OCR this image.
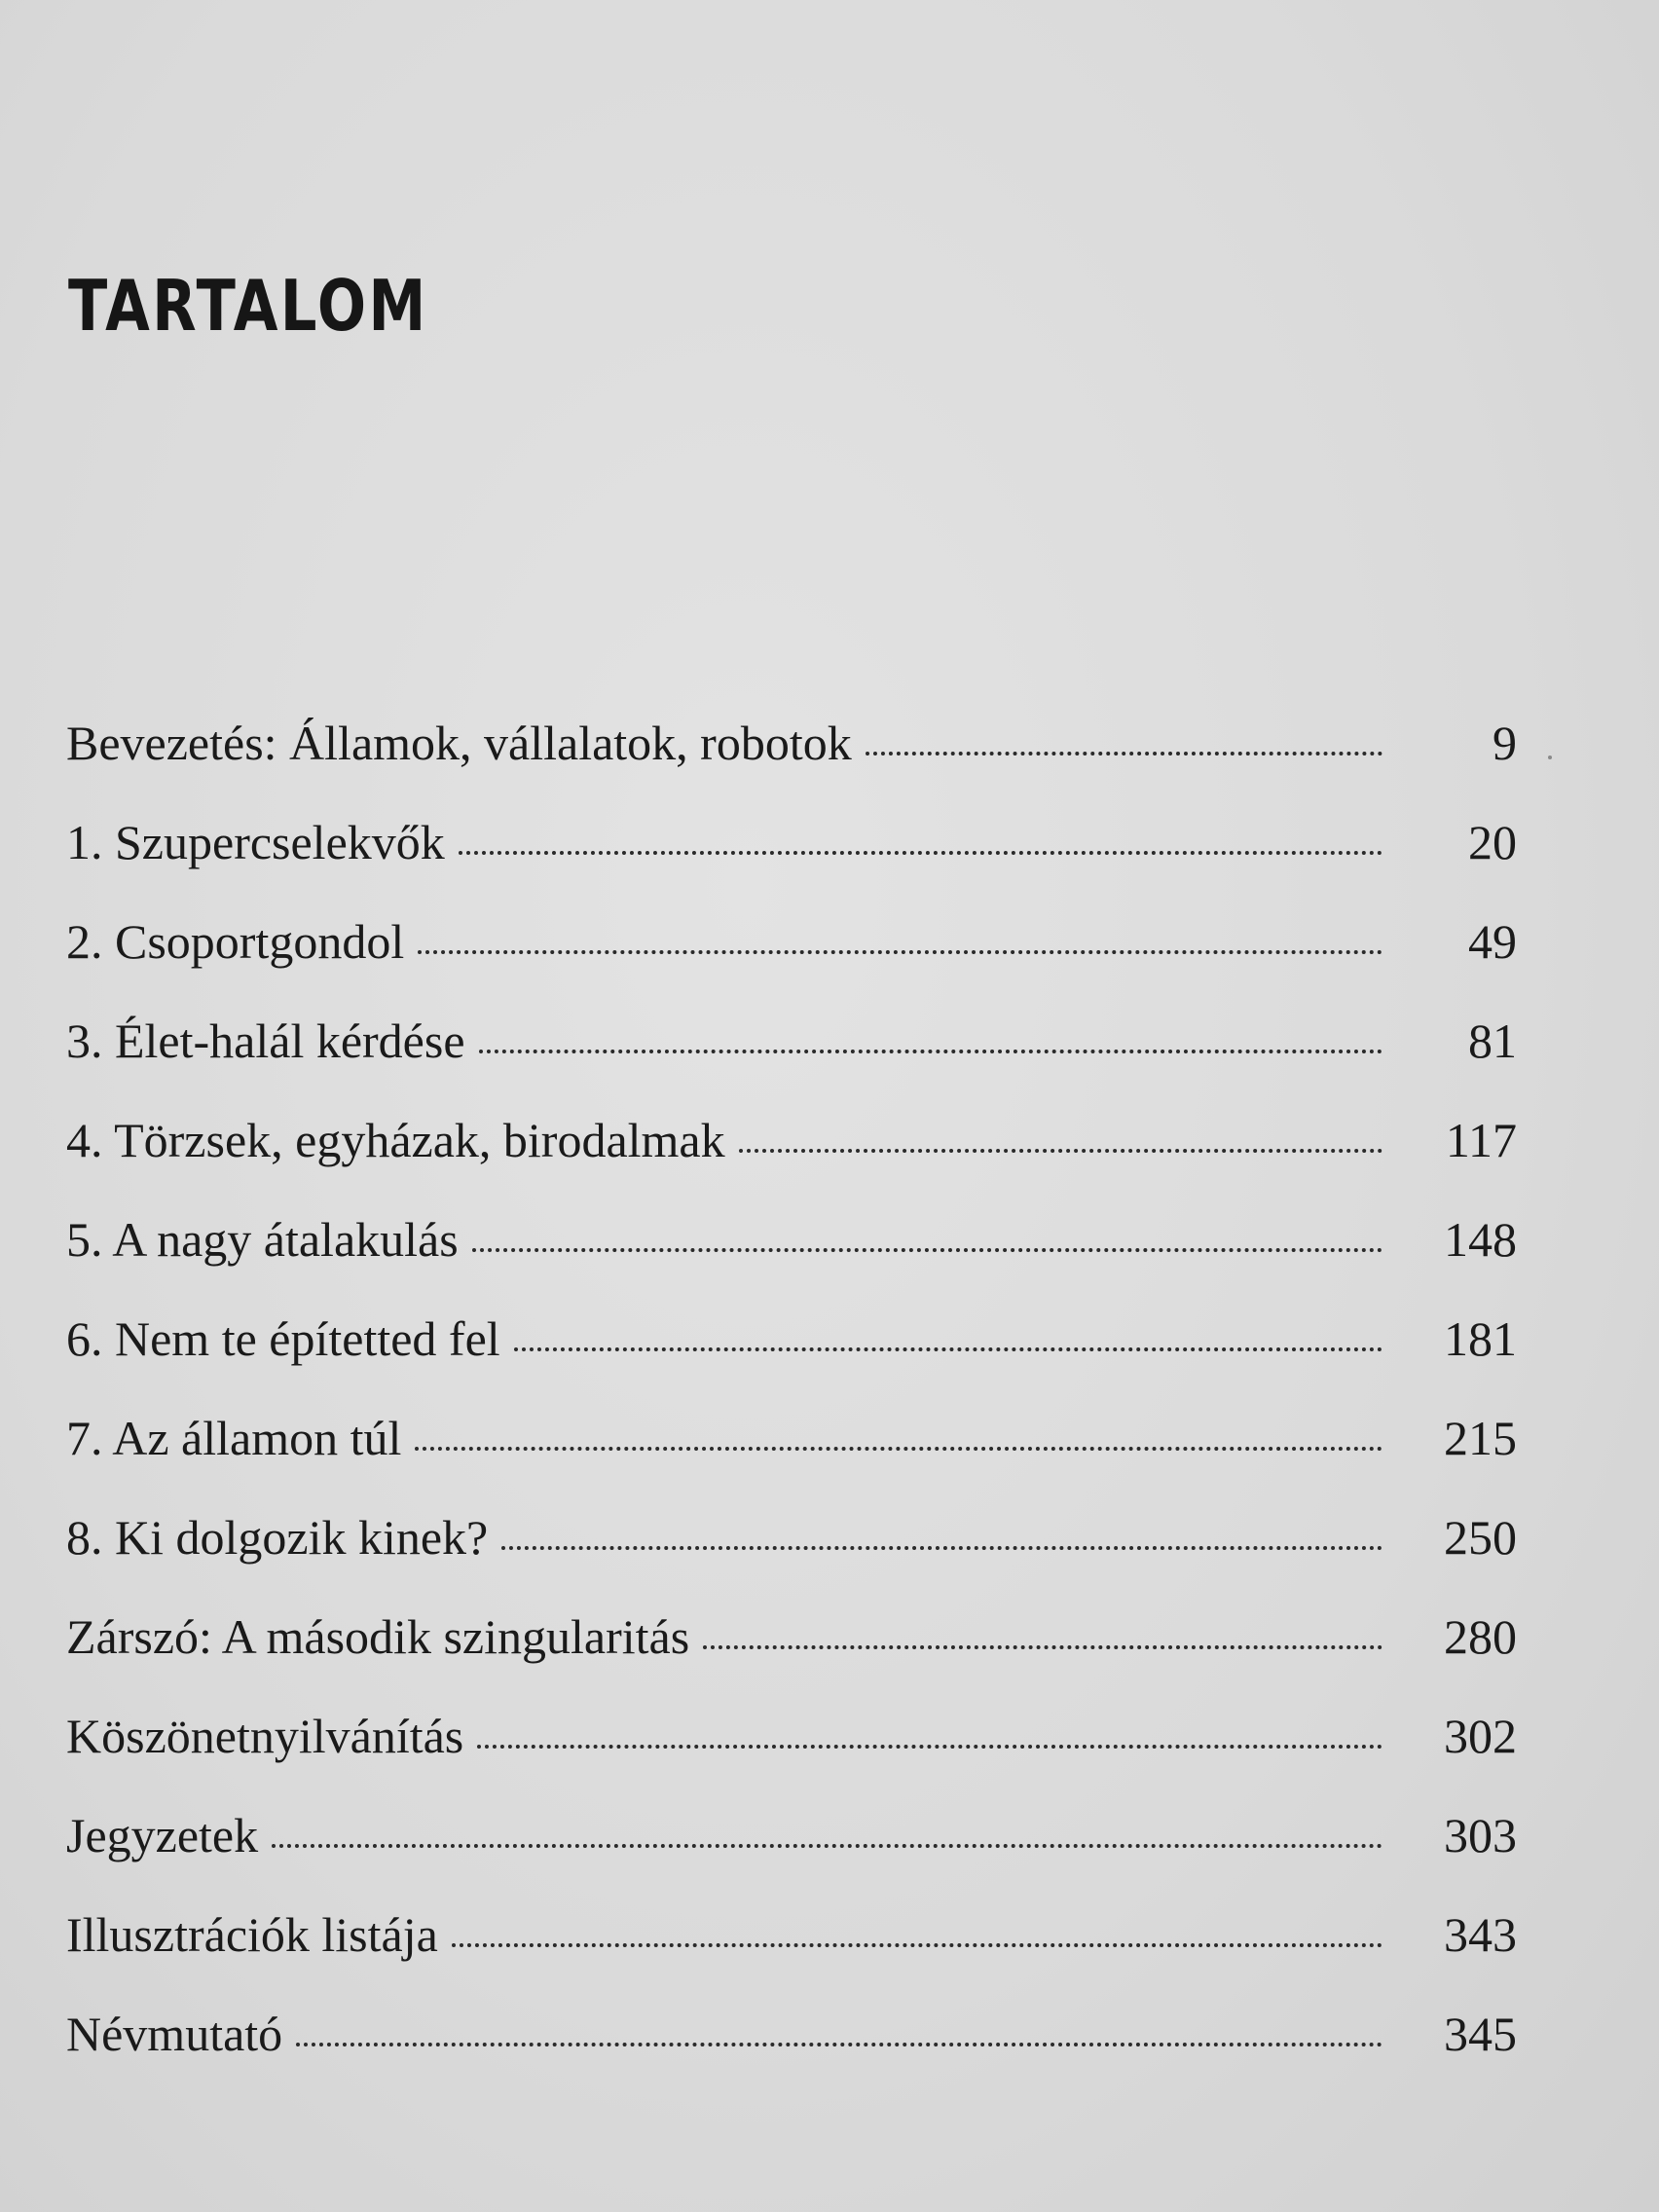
TARTALOM
Bevezetés: Államok, vállalatok, robotok	9
1. Szupercselekvők	20
2. Csoportgondol	49
3. Élet-halál kérdése	81
4. Törzsek, egyházak, birodalmak	117
5. A nagy átalakulás	148
6. Nem te építetted fel	181
7. Az államon túl	215
8. Ki dolgozik kinek?	250
Zárszó: A második szingularitás	280
Köszönetnyilvánítás	302
Jegyzetek	303
Illusztrációk listája	343
Névmutató	345
